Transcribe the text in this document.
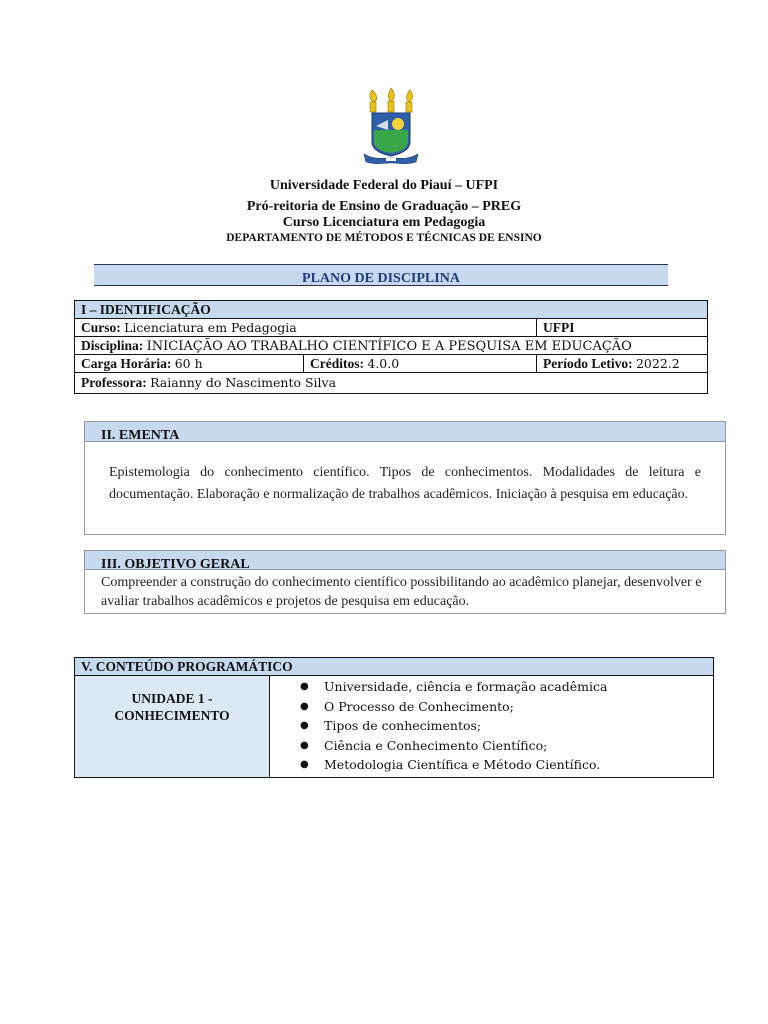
Universidade Federal do Piauí – UFPI
Pró-reitoria de Ensino de Graduação – PREG
Curso Licenciatura em Pedagogia
DEPARTAMENTO DE MÉTODOS E TÉCNICAS DE ENSINO
PLANO DE DISCIPLINA
I – IDENTIFICAÇÃO		
Curso: Licenciatura em Pedagogia		UFPI
Disciplina: INICIAÇÃO AO TRABALHO CIENTÍFICO E A PESQUISA EM EDUCAÇÃO		
Carga Horária: 60 h	Créditos: 4.0.0	Período Letivo: 2022.2
Professora: Raianny do Nascimento Silva		
II. EMENTA
Epistemologia do conhecimento científico. Tipos de conhecimentos. Modalidades de leitura e documentação. Elaboração e normalização de trabalhos acadêmicos. Iniciação à pesquisa em educação.
III. OBJETIVO GERAL
Compreender a construção do conhecimento científico possibilitando ao acadêmico planejar, desenvolver e avaliar trabalhos acadêmicos e projetos de pesquisa em educação.
V. CONTEÚDO PROGRAMÁTICO
UNIDADE 1 - CONHECIMENTO	
● Universidade, ciência e formação acadêmica
● O Processo de Conhecimento;
● Tipos de conhecimentos;
● Ciência e Conhecimento Científico;
● Metodologia Científica e Método Científico.
